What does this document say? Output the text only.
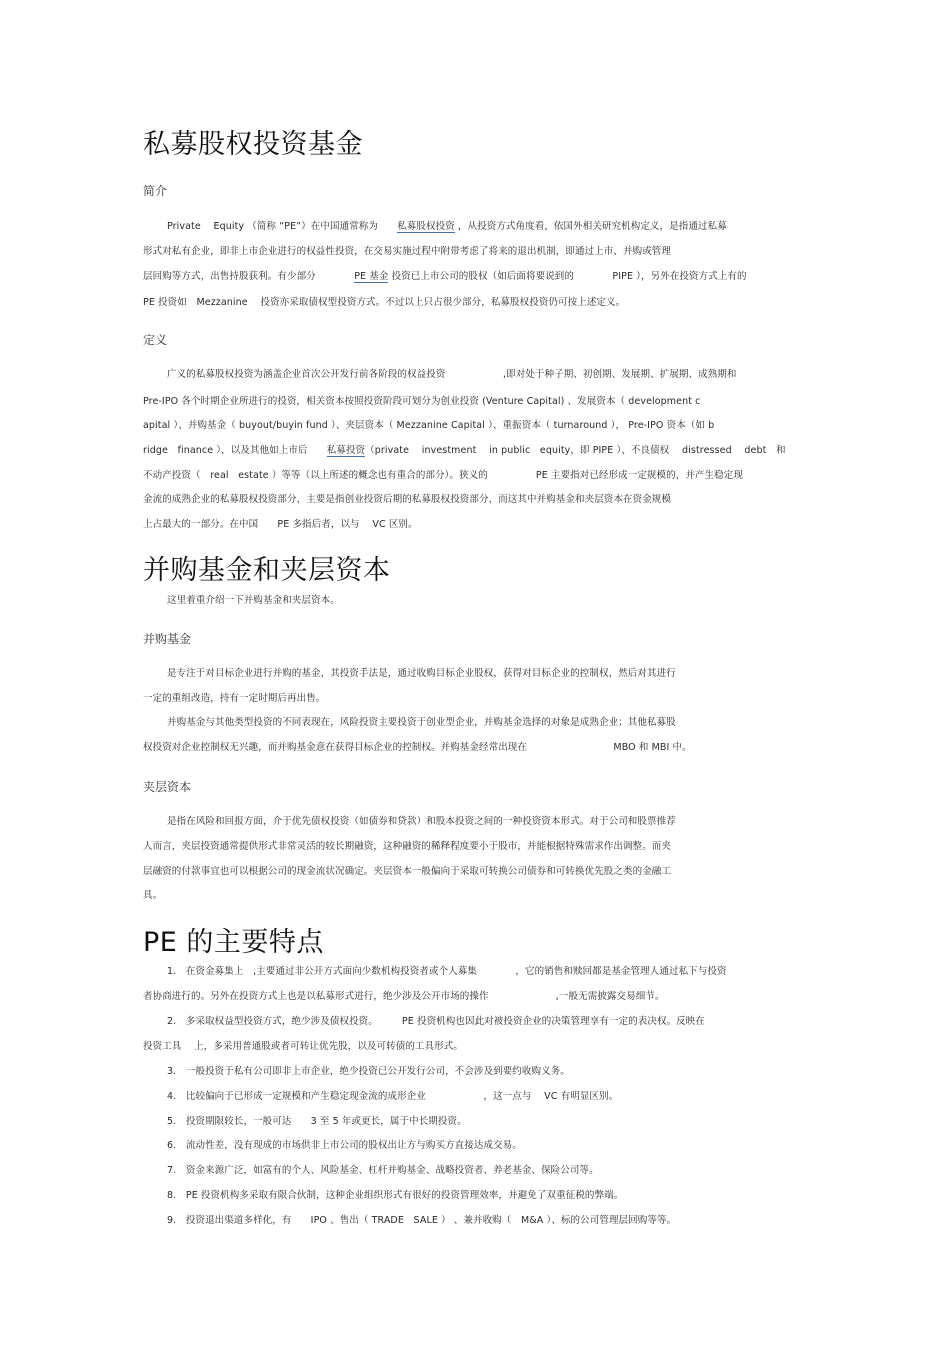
私募股权投资基金
简介
Private　 Equity （简称 “PE”）在中国通常称为　　私募股权投资 ，从投资方式角度看，依国外相关研究机构定义，是指通过私募
形式对私有企业，即非上市企业进行的权益性投资，在交易实施过程中附带考虑了将来的退出机制，即通过上市、并购或管理
层回购等方式，出售持股获利。有少部分　　　　PE 基金 投资已上市公司的股权（如后面将要说到的　　　　PIPE ），另外在投资方式上有的
PE 投资如　Mezzanine　 投资亦采取债权型投资方式。不过以上只占很少部分，私募股权投资仍可按上述定义。
定义
广义的私募股权投资为涵盖企业首次公开发行前各阶段的权益投资　　　　　　,即对处于种子期、初创期、发展期、扩展期、成熟期和
Pre-IPO 各个时期企业所进行的投资，相关资本按照投资阶段可划分为创业投资 (Venture Capital) 、发展资本（ development c
apital ）、并购基金（ buyout/buyin fund ）、夹层资本（ Mezzanine Capital ）、重振资本（ turnaround ）， Pre-IPO 资本（如 b
ridge　finance ），以及其他如上市后　　私募投资（private　 investment　 in public　equity，即 PIPE ）、不良债权　 distressed　 debt　和
不动产投资（　real　estate ）等等（以上所述的概念也有重合的部分）。狭义的　　　　　PE 主要指对已经形成一定规模的，并产生稳定现
金流的成熟企业的私募股权投资部分，主要是指创业投资后期的私募股权投资部分，而这其中并购基金和夹层资本在资金规模
上占最大的一部分。在中国　　PE 多指后者，以与　 VC 区别。
并购基金和夹层资本
这里着重介绍一下并购基金和夹层资本。
并购基金
是专注于对目标企业进行并购的基金，其投资手法是，通过收购目标企业股权，获得对目标企业的控制权，然后对其进行
一定的重组改造，持有一定时期后再出售。
并购基金与其他类型投资的不同表现在，风险投资主要投资于创业型企业，并购基金选择的对象是成熟企业；其他私募股
权投资对企业控制权无兴趣，而并购基金意在获得目标企业的控制权。并购基金经常出现在　　　　　　　　　MBO 和 MBI 中。
夹层资本
是指在风险和回报方面，介于优先债权投资（如债券和贷款）和股本投资之间的一种投资资本形式。对于公司和股票推荐
人而言，夹层投资通常提供形式非常灵活的较长期融资，这种融资的稀释程度要小于股市，并能根据特殊需求作出调整。而夹
层融资的付款事宜也可以根据公司的现金流状况确定。夹层资本一般偏向于采取可转换公司债券和可转换优先股之类的金融工
具。
PE 的主要特点
1.　在资金募集上　,主要通过非公开方式面向少数机构投资者或个人募集　　　　，它的销售和赎回都是基金管理人通过私下与投资
者协商进行的。另外在投资方式上也是以私募形式进行，绝少涉及公开市场的操作　　　　　　　,一般无需披露交易细节。
2.　多采取权益型投资方式，绝少涉及债权投资。　　　PE 投资机构也因此对被投资企业的决策管理享有一定的表决权。反映在
投资工具　 上，多采用普通股或者可转让优先股，以及可转债的工具形式。
3.　一般投资于私有公司即非上市企业，绝少投资已公开发行公司，不会涉及到要约收购义务。
4.　比较偏向于已形成一定规模和产生稳定现金流的成形企业　　　　　　，这一点与　 VC 有明显区别。
5.　投资期限较长，一般可达　　3 至 5 年或更长，属于中长期投资。
6.　流动性差，没有现成的市场供非上市公司的股权出让方与购买方直接达成交易。
7.　资金来源广泛，如富有的个人、风险基金、杠杆并购基金、战略投资者、养老基金、保险公司等。
8.　PE 投资机构多采取有限合伙制，这种企业组织形式有很好的投资管理效率，并避免了双重征税的弊端。
9.　投资退出渠道多样化，有　　IPO 、售出（ TRADE　SALE ） 、兼并收购（　M&A ）、标的公司管理层回购等等。
